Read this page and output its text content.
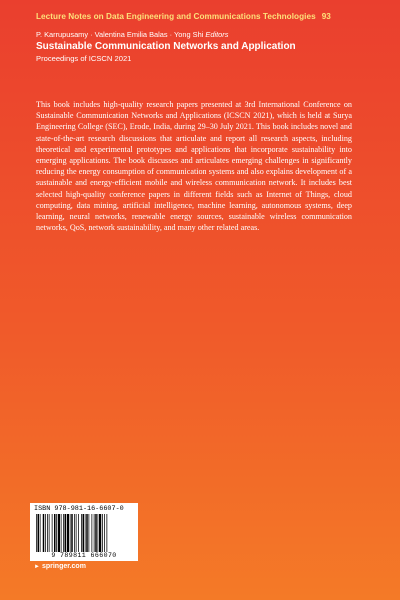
Lecture Notes on Data Engineering and Communications Technologies 93
P. Karrupusamy · Valentina Emilia Balas · Yong Shi Editors
Sustainable Communication Networks and Application
Proceedings of ICSCN 2021

This book includes high-quality research papers presented at 3rd International Conference on Sustainable Communication Networks and Applications (ICSCN 2021), which is held at Surya Engineering College (SEC), Erode, India, during 29–30 July 2021. This book includes novel and state-of-the-art research discussions that articulate and report all research aspects, including theoretical and experimental prototypes and applications that incorporate sustainability into emerging applications. The book discusses and articulates emerging challenges in significantly reducing the energy consumption of communication systems and also explains development of a sustainable and energy-efficient mobile and wireless communication network. It includes best selected high-quality conference papers in different fields such as Internet of Things, cloud computing, data mining, artificial intelligence, machine learning, autonomous systems, deep learning, neural networks, renewable energy sources, sustainable wireless communication networks, QoS, network sustainability, and many other related areas.

ISBN 978-981-16-6607-0
9 789811 666070
► springer.com
